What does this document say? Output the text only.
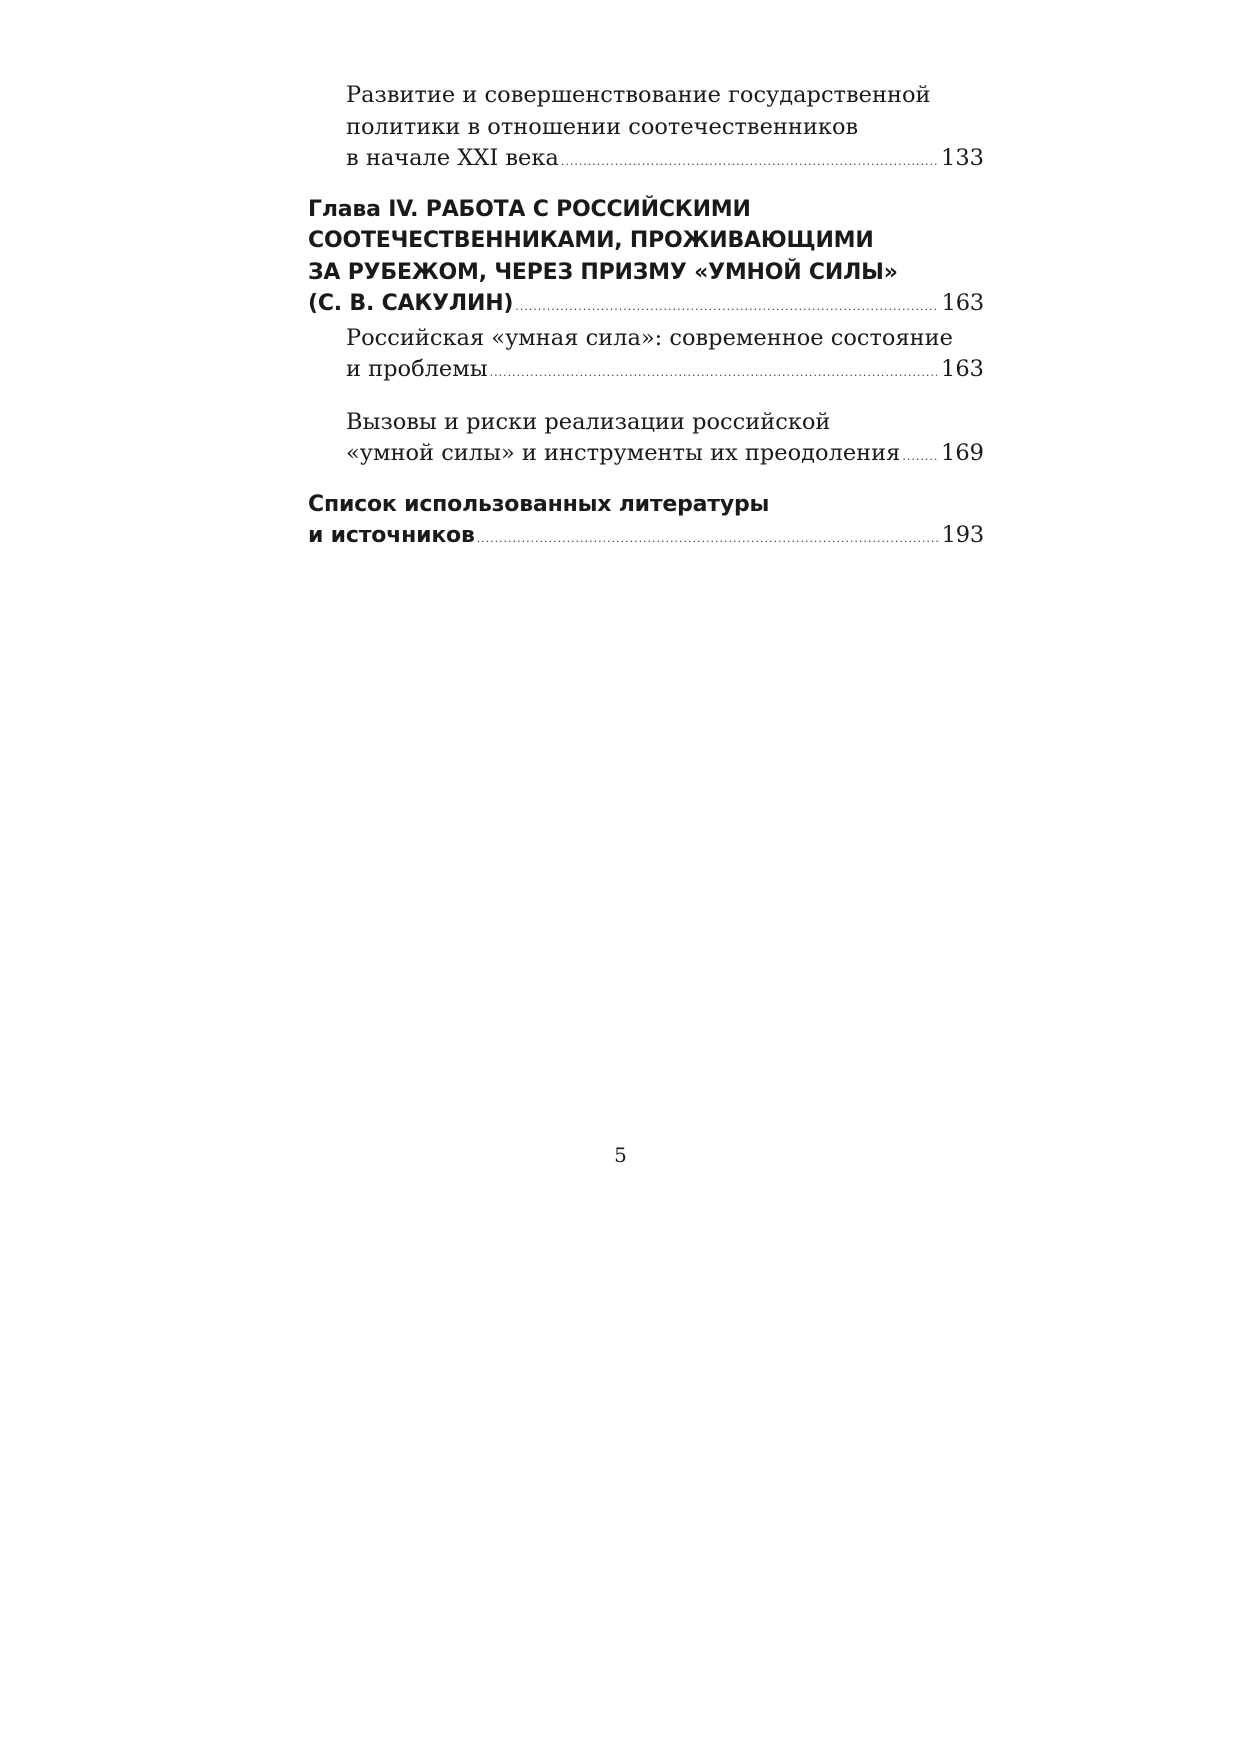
Развитие и совершенствование государственной
политики в отношении соотечественников
в начале XXI века .....	133
Глава IV. РАБОТА С РОССИЙСКИМИ
СООТЕЧЕСТВЕННИКАМИ, ПРОЖИВАЮЩИМИ
ЗА РУБЕЖОМ, ЧЕРЕЗ ПРИЗМУ «УМНОЙ СИЛЫ»
(С. В. САКУЛИН) .....	163
Российская «умная сила»: современное состояние
и проблемы .....	163
Вызовы и риски реализации российской
«умной силы» и инструменты их преодоления ..... 169
Список использованных литературы
и источников .....	193
5
